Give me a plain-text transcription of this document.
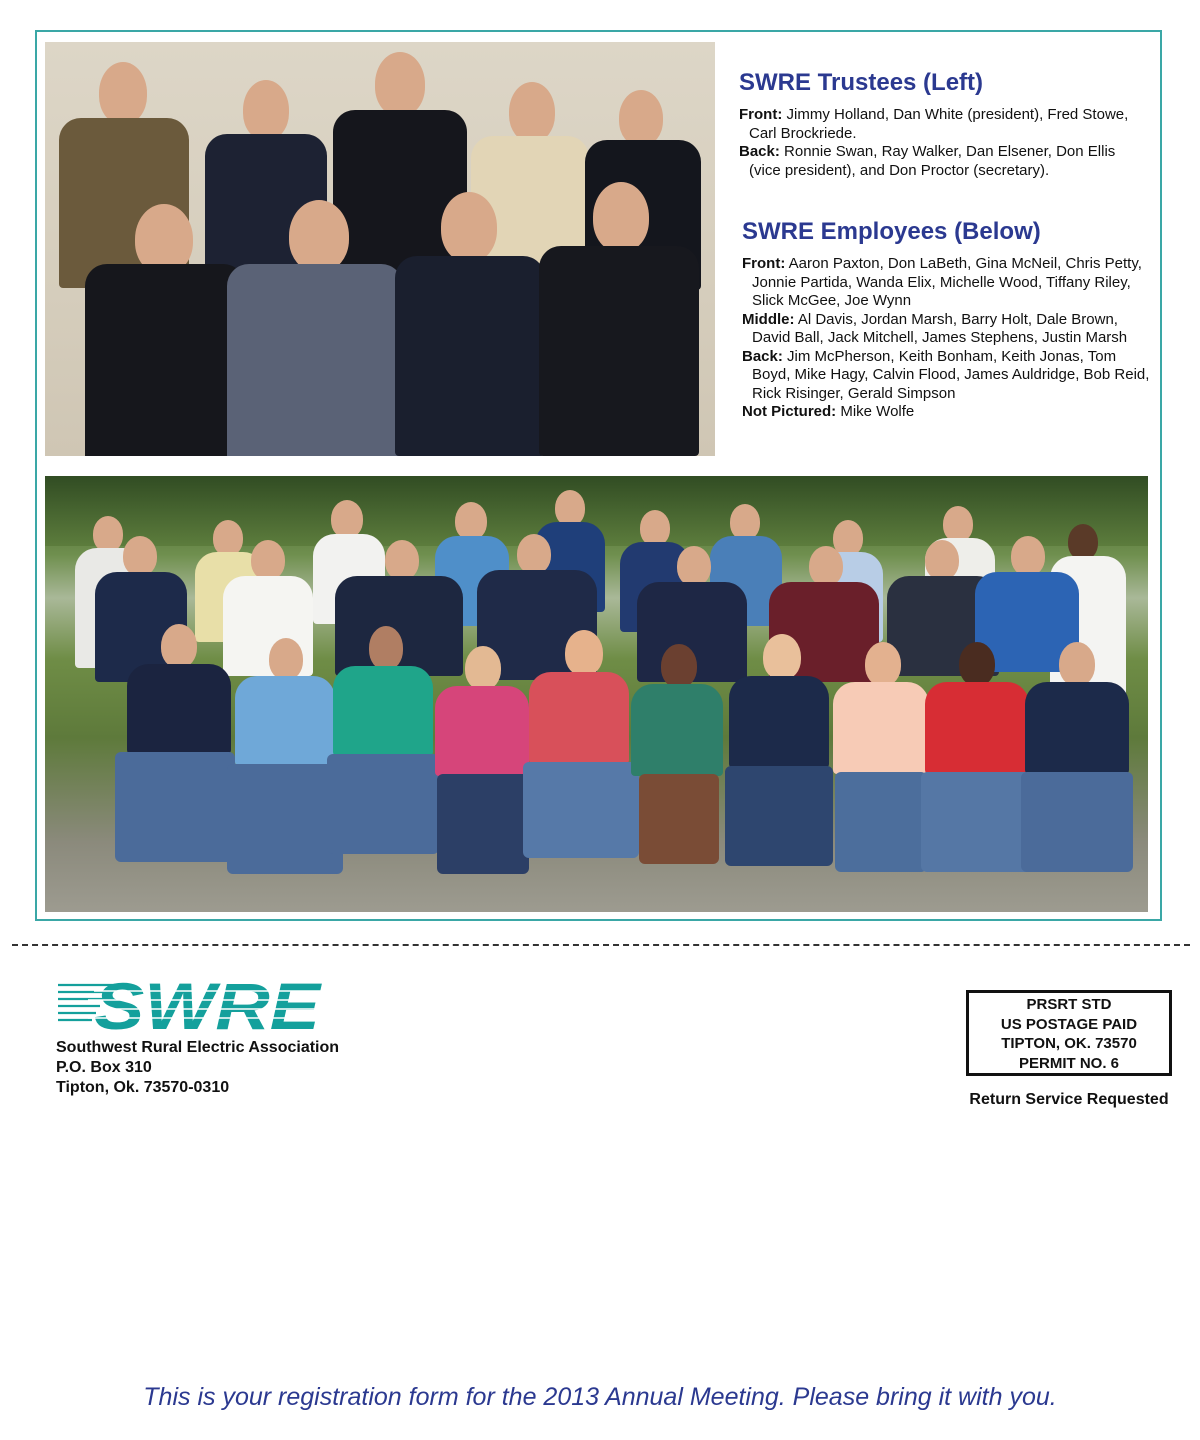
SWRE Trustees (Left)
Front: Jimmy Holland, Dan White (president), Fred Stowe, Carl Brockriede.
Back: Ronnie Swan, Ray Walker, Dan Elsener, Don Ellis (vice president), and Don Proctor (secretary).
SWRE Employees (Below)
Front: Aaron Paxton, Don LaBeth, Gina McNeil, Chris Petty, Jonnie Partida, Wanda Elix, Michelle Wood, Tiffany Riley, Slick McGee, Joe Wynn
Middle: Al Davis, Jordan Marsh, Barry Holt, Dale Brown, David Ball, Jack Mitchell, James Stephens, Justin Marsh
Back: Jim McPherson, Keith Bonham, Keith Jonas, Tom Boyd, Mike Hagy, Calvin Flood, James Auldridge, Bob Reid, Rick Risinger, Gerald Simpson
Not Pictured: Mike Wolfe
SWRE
Southwest Rural Electric Association
P.O. Box 310
Tipton, Ok. 73570-0310
PRSRT STD
US POSTAGE PAID
TIPTON, OK. 73570
PERMIT NO. 6
Return Service Requested
This is your registration form for the 2013 Annual Meeting. Please bring it with you.
